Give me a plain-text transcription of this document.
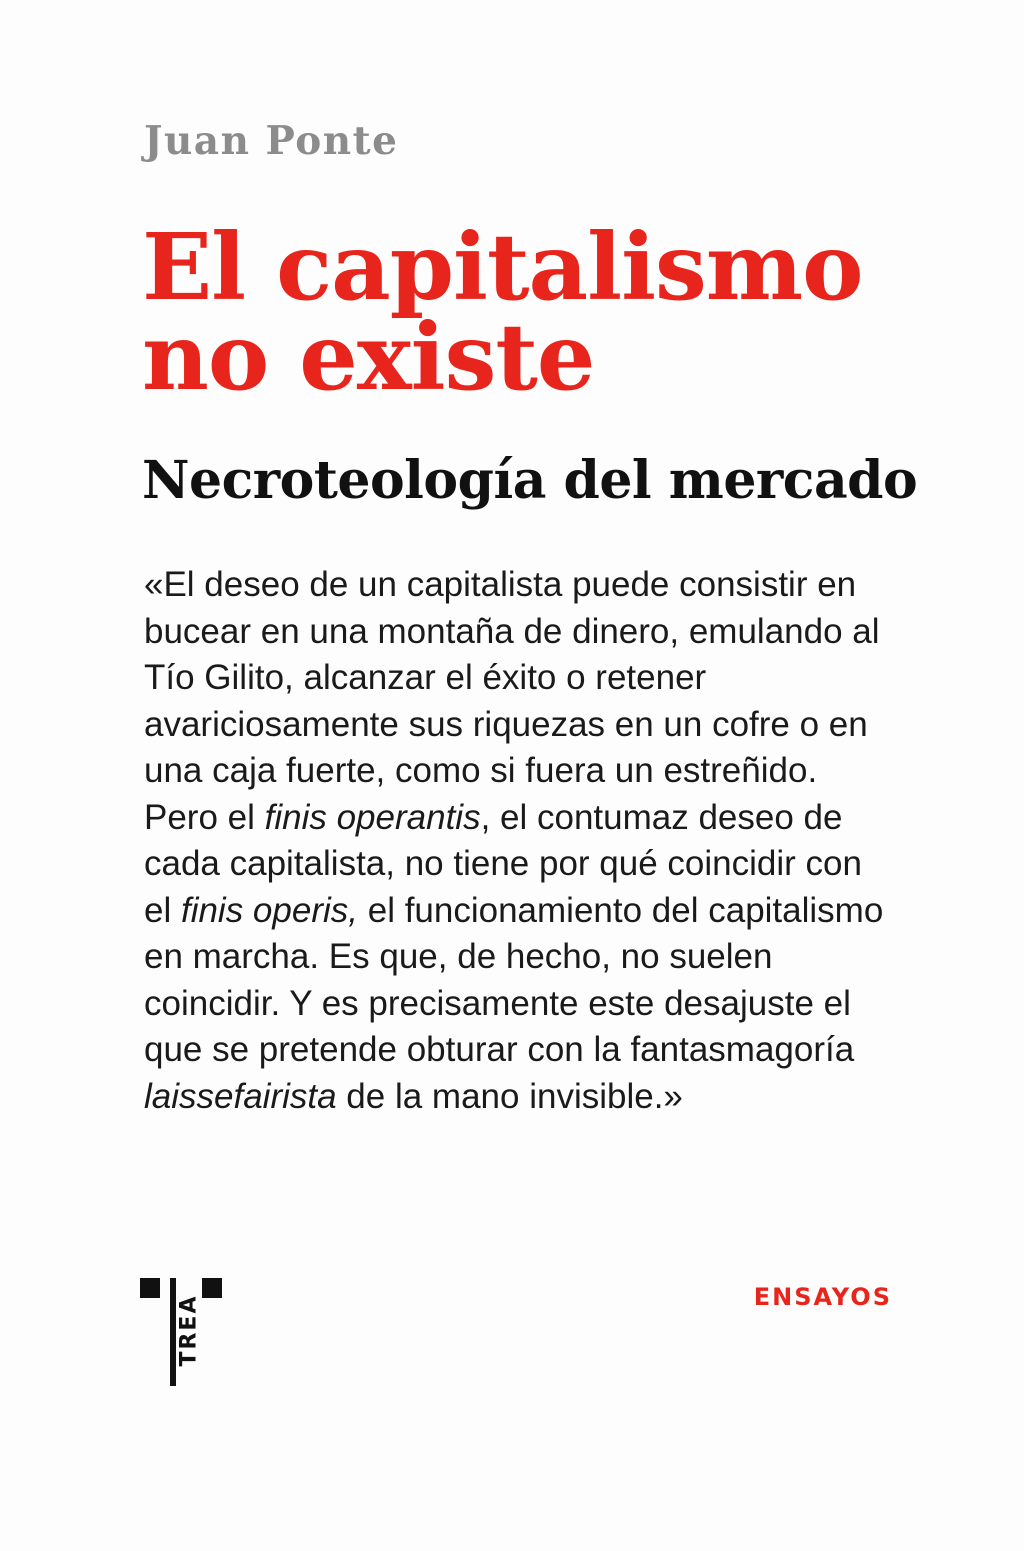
Juan Ponte
El capitalismo
no existe
Necroteología del mercado
«El deseo de un capitalista puede consistir en bucear en una montaña de dinero, emulando al Tío Gilito, alcanzar el éxito o retener avariciosamente sus riquezas en un cofre o en una caja fuerte, como si fuera un estreñido. Pero el finis operantis, el contumaz deseo de cada capitalista, no tiene por qué coincidir con el finis operis, el funcionamiento del capitalismo en marcha. Es que, de hecho, no suelen coincidir. Y es precisamente este desajuste el que se pretende obturar con la fantasmagoría laissefairista de la mano invisible.»
TREA	ENSAYOS
